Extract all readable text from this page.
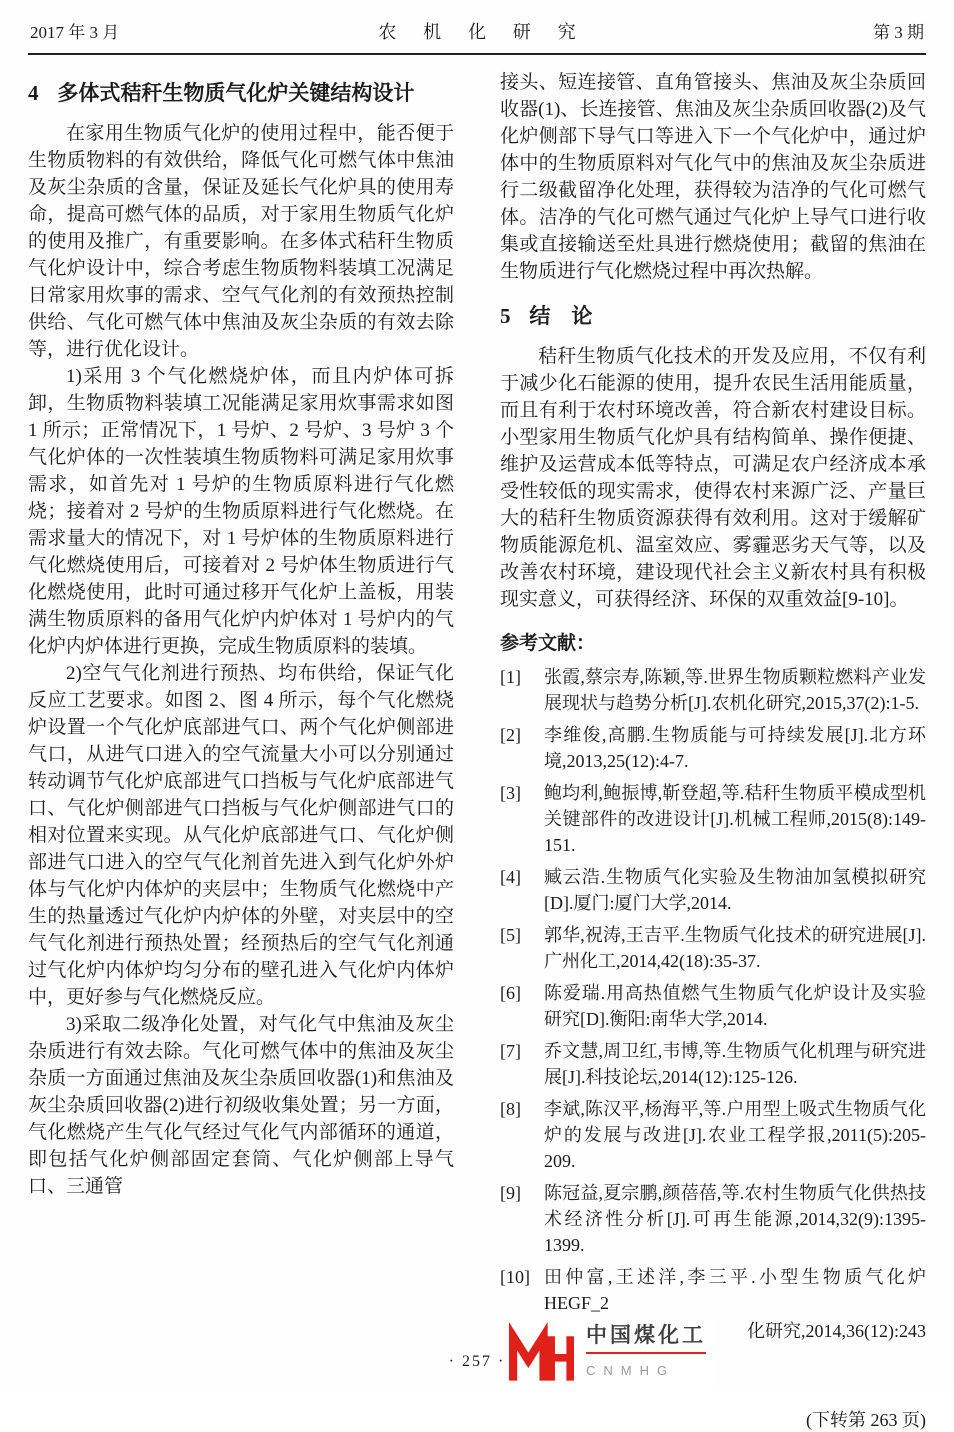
2017 年 3 月	农 机 化 研 究	第 3 期
4 多体式秸秆生物质气化炉关键结构设计

在家用生物质气化炉的使用过程中，能否便于生物质物料的有效供给，降低气化可燃气体中焦油及灰尘杂质的含量，保证及延长气化炉具的使用寿命，提高可燃气体的品质，对于家用生物质气化炉的使用及推广，有重要影响。在多体式秸秆生物质气化炉设计中，综合考虑生物质物料装填工况满足日常家用炊事的需求、空气气化剂的有效预热控制供给、气化可燃气体中焦油及灰尘杂质的有效去除等，进行优化设计。

1)采用 3 个气化燃烧炉体，而且内炉体可拆卸，生物质物料装填工况能满足家用炊事需求如图 1 所示；正常情况下，1 号炉、2 号炉、3 号炉 3 个气化炉体的一次性装填生物质物料可满足家用炊事需求，如首先对 1 号炉的生物质原料进行气化燃烧；接着对 2 号炉的生物质原料进行气化燃烧。在需求量大的情况下，对 1 号炉体的生物质原料进行气化燃烧使用后，可接着对 2 号炉体生物质进行气化燃烧使用，此时可通过移开气化炉上盖板，用装满生物质原料的备用气化炉内炉体对 1 号炉内的气化炉内炉体进行更换，完成生物质原料的装填。

2)空气气化剂进行预热、均布供给，保证气化反应工艺要求。如图 2、图 4 所示，每个气化燃烧炉设置一个气化炉底部进气口、两个气化炉侧部进气口，从进气口进入的空气流量大小可以分别通过转动调节气化炉底部进气口挡板与气化炉底部进气口、气化炉侧部进气口挡板与气化炉侧部进气口的相对位置来实现。从气化炉底部进气口、气化炉侧部进气口进入的空气气化剂首先进入到气化炉外炉体与气化炉内体炉的夹层中；生物质气化燃烧中产生的热量透过气化炉内炉体的外壁，对夹层中的空气气化剂进行预热处置；经预热后的空气气化剂通过气化炉内体炉均匀分布的壁孔进入气化炉内体炉中，更好参与气化燃烧反应。

3)采取二级净化处置，对气化气中焦油及灰尘杂质进行有效去除。气化可燃气体中的焦油及灰尘杂质一方面通过焦油及灰尘杂质回收器(1)和焦油及灰尘杂质回收器(2)进行初级收集处置；另一方面，气化燃烧产生气化气经过气化气内部循环的通道，即包括气化炉侧部固定套筒、气化炉侧部上导气口、三通管

接头、短连接管、直角管接头、焦油及灰尘杂质回收器(1)、长连接管、焦油及灰尘杂质回收器(2)及气化炉侧部下导气口等进入下一个气化炉中，通过炉体中的生物质原料对气化气中的焦油及灰尘杂质进行二级截留净化处理，获得较为洁净的气化可燃气体。洁净的气化可燃气通过气化炉上导气口进行收集或直接输送至灶具进行燃烧使用；截留的焦油在生物质进行气化燃烧过程中再次热解。

5 结　论

秸秆生物质气化技术的开发及应用，不仅有利于减少化石能源的使用，提升农民生活用能质量，而且有利于农村环境改善，符合新农村建设目标。小型家用生物质气化炉具有结构简单、操作便捷、维护及运营成本低等特点，可满足农户经济成本承受性较低的现实需求，使得农村来源广泛、产量巨大的秸秆生物质资源获得有效利用。这对于缓解矿物质能源危机、温室效应、雾霾恶劣天气等，以及改善农村环境，建设现代社会主义新农村具有积极现实意义，可获得经济、环保的双重效益[9-10]。

参考文献：
[1] 张霞,蔡宗寿,陈颖,等.世界生物质颗粒燃料产业发展现状与趋势分析[J].农机化研究,2015,37(2):1-5.
[2] 李维俊,高鹏.生物质能与可持续发展[J].北方环境,2013,25(12):4-7.
[3] 鲍均利,鲍振博,靳登超,等.秸秆生物质平模成型机关键部件的改进设计[J].机械工程师,2015(8):149-151.
[4] 臧云浩.生物质气化实验及生物油加氢模拟研究[D].厦门:厦门大学,2014.
[5] 郭华,祝涛,王吉平.生物质气化技术的研究进展[J].广州化工,2014,42(18):35-37.
[6] 陈爱瑞.用高热值燃气生物质气化炉设计及实验研究[D].衡阳:南华大学,2014.
[7] 乔文慧,周卫红,韦博,等.生物质气化机理与研究进展[J].科技论坛,2014(12):125-126.
[8] 李斌,陈汉平,杨海平,等.户用型上吸式生物质气化炉的发展与改进[J].农业工程学报,2011(5):205-209.
[9] 陈冠益,夏宗鹏,颜蓓蓓,等.农村生物质气化供热技术经济性分析[J].可再生能源,2014,32(9):1395-1399.
[10] 田仲富,王述洋,李三平.小型生物质气化炉 HEGF_2
中国煤化工
CNMHG
化研究,2014,36(12):243
(下转第 263 页)
· 257 ·
